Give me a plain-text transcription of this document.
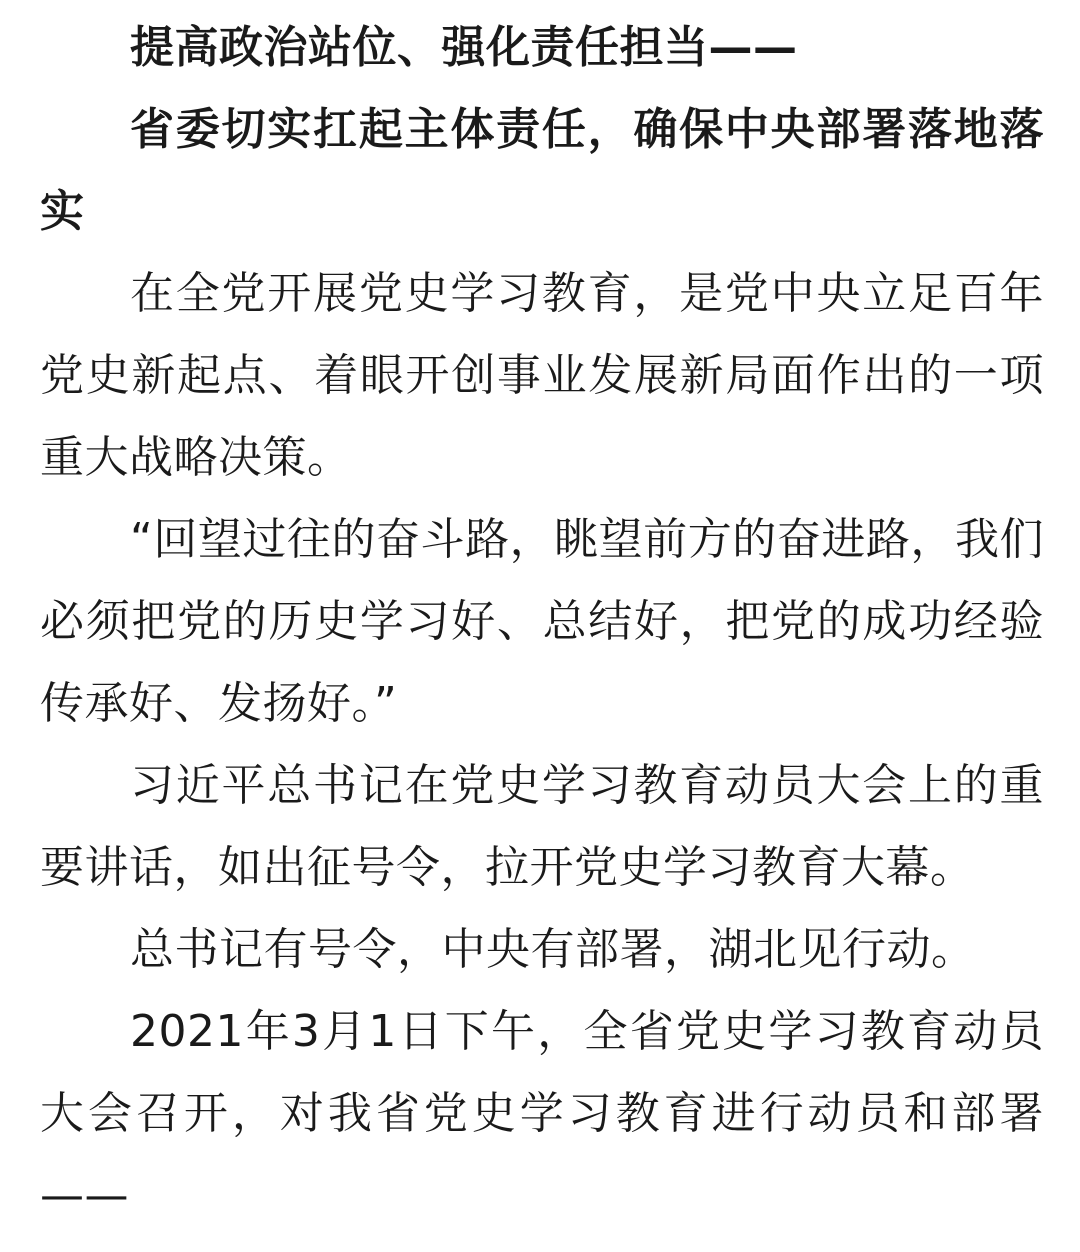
提高政治站位、强化责任担当——

省委切实扛起主体责任，确保中央部署落地落实

在全党开展党史学习教育，是党中央立足百年党史新起点、着眼开创事业发展新局面作出的一项重大战略决策。

“回望过往的奋斗路，眺望前方的奋进路，我们必须把党的历史学习好、总结好，把党的成功经验传承好、发扬好。”

习近平总书记在党史学习教育动员大会上的重要讲话，如出征号令，拉开党史学习教育大幕。

总书记有号令，中央有部署，湖北见行动。

2021年3月1日下午，全省党史学习教育动员大会召开，对我省党史学习教育进行动员和部署——
